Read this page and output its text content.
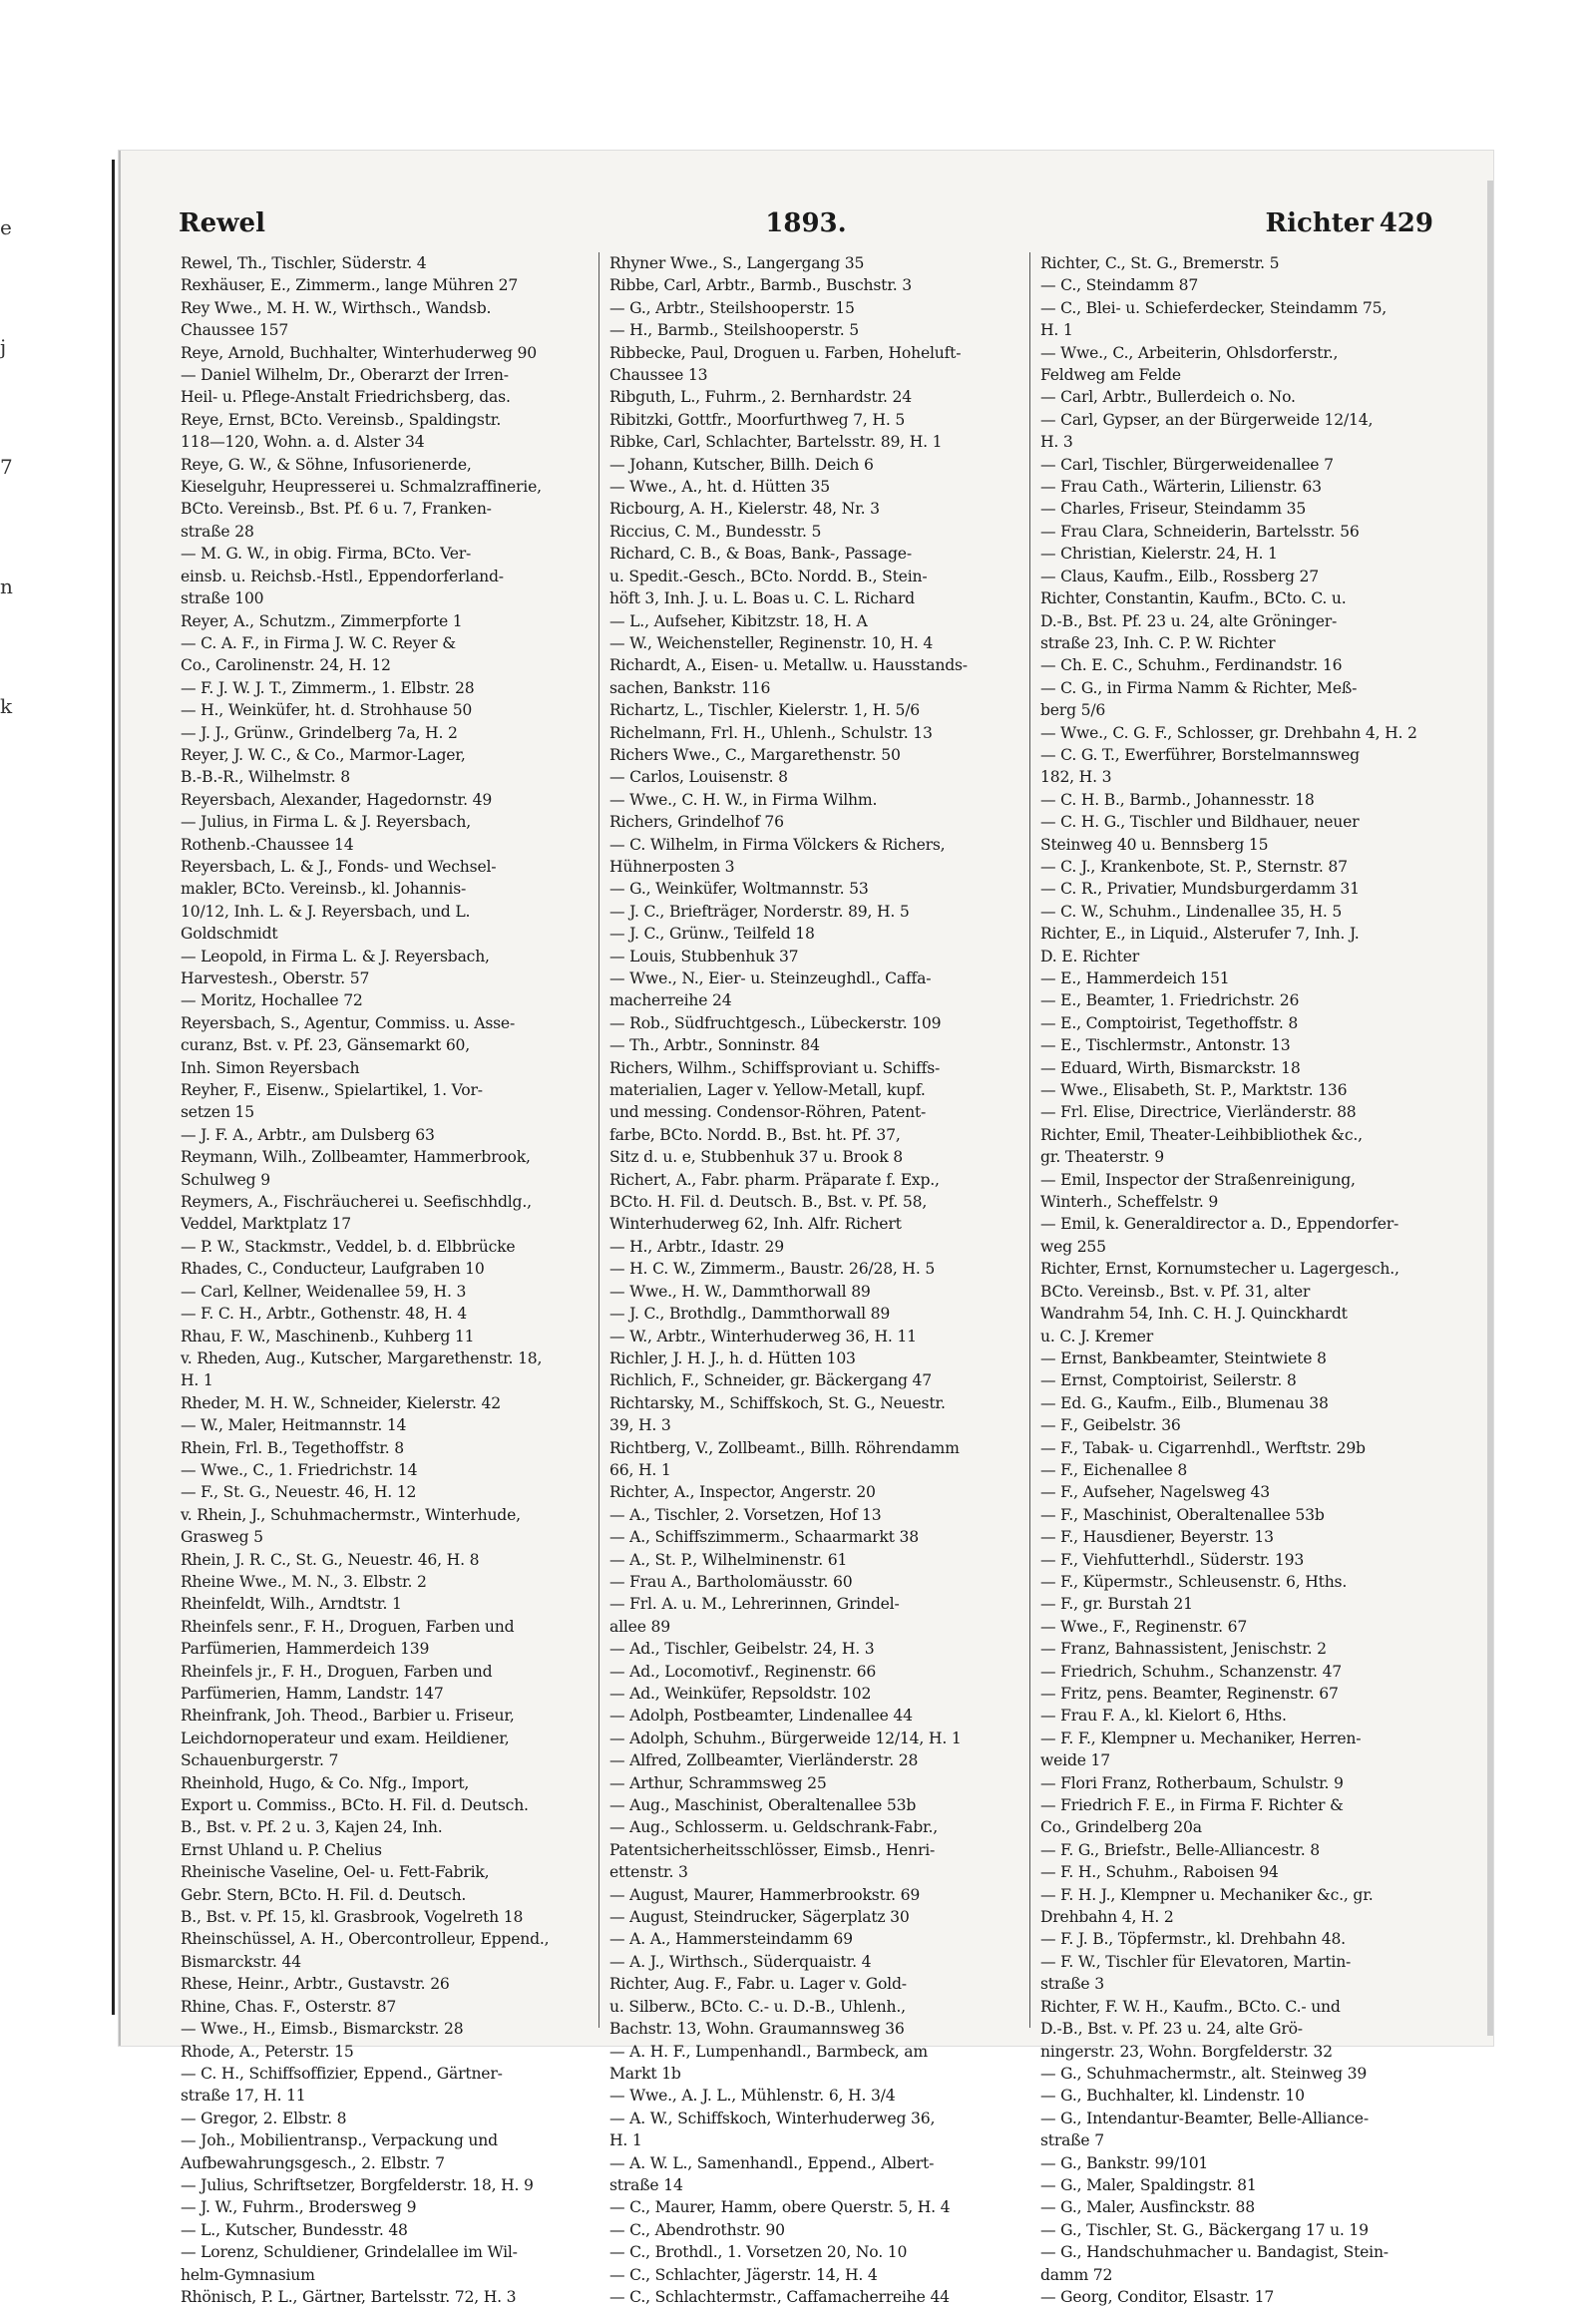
e
j
7
n
k
Rewel	1893.	Richter 429
Rewel, Th., Tischler, Süderstr. 4
Rexhäuser, E., Zimmerm., lange Mühren 27
Rey Wwe., M. H. W., Wirthsch., Wandsb.
Chaussee 157
Reye, Arnold, Buchhalter, Winterhuderweg 90
— Daniel Wilhelm, Dr., Oberarzt der Irren-
Heil- u. Pflege-Anstalt Friedrichsberg, das.
Reye, Ernst, BCto. Vereinsb., Spaldingstr.
118—120, Wohn. a. d. Alster 34
Reye, G. W., & Söhne, Infusorienerde,
Kieselguhr, Heupresserei u. Schmalzraffinerie,
BCto. Vereinsb., Bst. Pf. 6 u. 7, Franken-
straße 28
— M. G. W., in obig. Firma, BCto. Ver-
einsb. u. Reichsb.-Hstl., Eppendorferland-
straße 100
Reyer, A., Schutzm., Zimmerpforte 1
— C. A. F., in Firma J. W. C. Reyer &
Co., Carolinenstr. 24, H. 12
— F. J. W. J. T., Zimmerm., 1. Elbstr. 28
— H., Weinküfer, ht. d. Strohhause 50
— J. J., Grünw., Grindelberg 7a, H. 2
Reyer, J. W. C., & Co., Marmor-Lager,
B.-B.-R., Wilhelmstr. 8
Reyersbach, Alexander, Hagedornstr. 49
— Julius, in Firma L. & J. Reyersbach,
Rothenb.-Chaussee 14
Reyersbach, L. & J., Fonds- und Wechsel-
makler, BCto. Vereinsb., kl. Johannis-
10/12, Inh. L. & J. Reyersbach, und L.
Goldschmidt
— Leopold, in Firma L. & J. Reyersbach,
Harvestesh., Oberstr. 57
— Moritz, Hochallee 72
Reyersbach, S., Agentur, Commiss. u. Asse-
curanz, Bst. v. Pf. 23, Gänsemarkt 60,
Inh. Simon Reyersbach
Reyher, F., Eisenw., Spielartikel, 1. Vor-
setzen 15
— J. F. A., Arbtr., am Dulsberg 63
Reymann, Wilh., Zollbeamter, Hammerbrook,
Schulweg 9
Reymers, A., Fischräucherei u. Seefischhdlg.,
Veddel, Marktplatz 17
— P. W., Stackmstr., Veddel, b. d. Elbbrücke
Rhades, C., Conducteur, Laufgraben 10
— Carl, Kellner, Weidenallee 59, H. 3
— F. C. H., Arbtr., Gothenstr. 48, H. 4
Rhau, F. W., Maschinenb., Kuhberg 11
v. Rheden, Aug., Kutscher, Margarethenstr. 18,
H. 1
Rheder, M. H. W., Schneider, Kielerstr. 42
— W., Maler, Heitmannstr. 14
Rhein, Frl. B., Tegethoffstr. 8
— Wwe., C., 1. Friedrichstr. 14
— F., St. G., Neuestr. 46, H. 12
v. Rhein, J., Schuhmachermstr., Winterhude,
Grasweg 5
Rhein, J. R. C., St. G., Neuestr. 46, H. 8
Rheine Wwe., M. N., 3. Elbstr. 2
Rheinfeldt, Wilh., Arndtstr. 1
Rheinfels senr., F. H., Droguen, Farben und
Parfümerien, Hammerdeich 139
Rheinfels jr., F. H., Droguen, Farben und
Parfümerien, Hamm, Landstr. 147
Rheinfrank, Joh. Theod., Barbier u. Friseur,
Leichdornoperateur und exam. Heildiener,
Schauenburgerstr. 7
Rheinhold, Hugo, & Co. Nfg., Import,
Export u. Commiss., BCto. H. Fil. d. Deutsch.
B., Bst. v. Pf. 2 u. 3, Kajen 24, Inh.
Ernst Uhland u. P. Chelius
Rheinische Vaseline, Oel- u. Fett-Fabrik,
Gebr. Stern, BCto. H. Fil. d. Deutsch.
B., Bst. v. Pf. 15, kl. Grasbrook, Vogelreth 18
Rheinschüssel, A. H., Obercontrolleur, Eppend.,
Bismarckstr. 44
Rhese, Heinr., Arbtr., Gustavstr. 26
Rhine, Chas. F., Osterstr. 87
— Wwe., H., Eimsb., Bismarckstr. 28
Rhode, A., Peterstr. 15
— C. H., Schiffsoffizier, Eppend., Gärtner-
straße 17, H. 11
— Gregor, 2. Elbstr. 8
— Joh., Mobilientransp., Verpackung und
Aufbewahrungsgesch., 2. Elbstr. 7
— Julius, Schriftsetzer, Borgfelderstr. 18, H. 9
— J. W., Fuhrm., Brodersweg 9
— L., Kutscher, Bundesstr. 48
— Lorenz, Schuldiener, Grindelallee im Wil-
helm-Gymnasium
Rhönisch, P. L., Gärtner, Bartelsstr. 72, H. 3
Rhyner Wwe., S., Langergang 35
Ribbe, Carl, Arbtr., Barmb., Buschstr. 3
— G., Arbtr., Steilshooperstr. 15
— H., Barmb., Steilshooperstr. 5
Ribbecke, Paul, Droguen u. Farben, Hoheluft-
Chaussee 13
Ribguth, L., Fuhrm., 2. Bernhardstr. 24
Ribitzki, Gottfr., Moorfurthweg 7, H. 5
Ribke, Carl, Schlachter, Bartelsstr. 89, H. 1
— Johann, Kutscher, Billh. Deich 6
— Wwe., A., ht. d. Hütten 35
Ricbourg, A. H., Kielerstr. 48, Nr. 3
Riccius, C. M., Bundesstr. 5
Richard, C. B., & Boas, Bank-, Passage-
u. Spedit.-Gesch., BCto. Nordd. B., Stein-
höft 3, Inh. J. u. L. Boas u. C. L. Richard
— L., Aufseher, Kibitzstr. 18, H. A
— W., Weichensteller, Reginenstr. 10, H. 4
Richardt, A., Eisen- u. Metallw. u. Hausstands-
sachen, Bankstr. 116
Richartz, L., Tischler, Kielerstr. 1, H. 5/6
Richelmann, Frl. H., Uhlenh., Schulstr. 13
Richers Wwe., C., Margarethenstr. 50
— Carlos, Louisenstr. 8
— Wwe., C. H. W., in Firma Wilhm.
Richers, Grindelhof 76
— C. Wilhelm, in Firma Völckers & Richers,
Hühnerposten 3
— G., Weinküfer, Woltmannstr. 53
— J. C., Briefträger, Norderstr. 89, H. 5
— J. C., Grünw., Teilfeld 18
— Louis, Stubbenhuk 37
— Wwe., N., Eier- u. Steinzeughdl., Caffa-
macherreihe 24
— Rob., Südfruchtgesch., Lübeckerstr. 109
— Th., Arbtr., Sonninstr. 84
Richers, Wilhm., Schiffsproviant u. Schiffs-
materialien, Lager v. Yellow-Metall, kupf.
und messing. Condensor-Röhren, Patent-
farbe, BCto. Nordd. B., Bst. ht. Pf. 37,
Sitz d. u. e, Stubbenhuk 37 u. Brook 8
Richert, A., Fabr. pharm. Präparate f. Exp.,
BCto. H. Fil. d. Deutsch. B., Bst. v. Pf. 58,
Winterhuderweg 62, Inh. Alfr. Richert
— H., Arbtr., Idastr. 29
— H. C. W., Zimmerm., Baustr. 26/28, H. 5
— Wwe., H. W., Dammthorwall 89
— J. C., Brothdlg., Dammthorwall 89
— W., Arbtr., Winterhuderweg 36, H. 11
Richler, J. H. J., h. d. Hütten 103
Richlich, F., Schneider, gr. Bäckergang 47
Richtarsky, M., Schiffskoch, St. G., Neuestr.
39, H. 3
Richtberg, V., Zollbeamt., Billh. Röhrendamm
66, H. 1
Richter, A., Inspector, Angerstr. 20
— A., Tischler, 2. Vorsetzen, Hof 13
— A., Schiffszimmerm., Schaarmarkt 38
— A., St. P., Wilhelminenstr. 61
— Frau A., Bartholomäusstr. 60
— Frl. A. u. M., Lehrerinnen, Grindel-
allee 89
— Ad., Tischler, Geibelstr. 24, H. 3
— Ad., Locomotivf., Reginenstr. 66
— Ad., Weinküfer, Repsoldstr. 102
— Adolph, Postbeamter, Lindenallee 44
— Adolph, Schuhm., Bürgerweide 12/14, H. 1
— Alfred, Zollbeamter, Vierländerstr. 28
— Arthur, Schrammsweg 25
— Aug., Maschinist, Oberaltenallee 53b
— Aug., Schlosserm. u. Geldschrank-Fabr.,
Patentsicherheitsschlösser, Eimsb., Henri-
ettenstr. 3
— August, Maurer, Hammerbrookstr. 69
— August, Steindrucker, Sägerplatz 30
— A. A., Hammersteindamm 69
— A. J., Wirthsch., Süderquaistr. 4
Richter, Aug. F., Fabr. u. Lager v. Gold-
u. Silberw., BCto. C.- u. D.-B., Uhlenh.,
Bachstr. 13, Wohn. Graumannsweg 36
— A. H. F., Lumpenhandl., Barmbeck, am
Markt 1b
— Wwe., A. J. L., Mühlenstr. 6, H. 3/4
— A. W., Schiffskoch, Winterhuderweg 36,
H. 1
— A. W. L., Samenhandl., Eppend., Albert-
straße 14
— C., Maurer, Hamm, obere Querstr. 5, H. 4
— C., Abendrothstr. 90
— C., Brothdl., 1. Vorsetzen 20, No. 10
— C., Schlachter, Jägerstr. 14, H. 4
— C., Schlachtermstr., Caffamacherreihe 44
Richter, C., St. G., Bremerstr. 5
— C., Steindamm 87
— C., Blei- u. Schieferdecker, Steindamm 75,
H. 1
— Wwe., C., Arbeiterin, Ohlsdorferstr.,
Feldweg am Felde
— Carl, Arbtr., Bullerdeich o. No.
— Carl, Gypser, an der Bürgerweide 12/14,
H. 3
— Carl, Tischler, Bürgerweidenallee 7
— Frau Cath., Wärterin, Lilienstr. 63
— Charles, Friseur, Steindamm 35
— Frau Clara, Schneiderin, Bartelsstr. 56
— Christian, Kielerstr. 24, H. 1
— Claus, Kaufm., Eilb., Rossberg 27
Richter, Constantin, Kaufm., BCto. C. u.
D.-B., Bst. Pf. 23 u. 24, alte Gröninger-
straße 23, Inh. C. P. W. Richter
— Ch. E. C., Schuhm., Ferdinandstr. 16
— C. G., in Firma Namm & Richter, Meß-
berg 5/6
— Wwe., C. G. F., Schlosser, gr. Drehbahn 4, H. 2
— C. G. T., Ewerführer, Borstelmannsweg
182, H. 3
— C. H. B., Barmb., Johannesstr. 18
— C. H. G., Tischler und Bildhauer, neuer
Steinweg 40 u. Bennsberg 15
— C. J., Krankenbote, St. P., Sternstr. 87
— C. R., Privatier, Mundsburgerdamm 31
— C. W., Schuhm., Lindenallee 35, H. 5
Richter, E., in Liquid., Alsterufer 7, Inh. J.
D. E. Richter
— E., Hammerdeich 151
— E., Beamter, 1. Friedrichstr. 26
— E., Comptoirist, Tegethoffstr. 8
— E., Tischlermstr., Antonstr. 13
— Eduard, Wirth, Bismarckstr. 18
— Wwe., Elisabeth, St. P., Marktstr. 136
— Frl. Elise, Directrice, Vierländerstr. 88
Richter, Emil, Theater-Leihbibliothek &c.,
gr. Theaterstr. 9
— Emil, Inspector der Straßenreinigung,
Winterh., Scheffelstr. 9
— Emil, k. Generaldirector a. D., Eppendorfer-
weg 255
Richter, Ernst, Kornumstecher u. Lagergesch.,
BCto. Vereinsb., Bst. v. Pf. 31, alter
Wandrahm 54, Inh. C. H. J. Quinckhardt
u. C. J. Kremer
— Ernst, Bankbeamter, Steintwiete 8
— Ernst, Comptoirist, Seilerstr. 8
— Ed. G., Kaufm., Eilb., Blumenau 38
— F., Geibelstr. 36
— F., Tabak- u. Cigarrenhdl., Werftstr. 29b
— F., Eichenallee 8
— F., Aufseher, Nagelsweg 43
— F., Maschinist, Oberaltenallee 53b
— F., Hausdiener, Beyerstr. 13
— F., Viehfutterhdl., Süderstr. 193
— F., Küpermstr., Schleusenstr. 6, Hths.
— F., gr. Burstah 21
— Wwe., F., Reginenstr. 67
— Franz, Bahnassistent, Jenischstr. 2
— Friedrich, Schuhm., Schanzenstr. 47
— Fritz, pens. Beamter, Reginenstr. 67
— Frau F. A., kl. Kielort 6, Hths.
— F. F., Klempner u. Mechaniker, Herren-
weide 17
— Flori Franz, Rotherbaum, Schulstr. 9
— Friedrich F. E., in Firma F. Richter &
Co., Grindelberg 20a
— F. G., Briefstr., Belle-Alliancestr. 8
— F. H., Schuhm., Raboisen 94
— F. H. J., Klempner u. Mechaniker &c., gr.
Drehbahn 4, H. 2
— F. J. B., Töpfermstr., kl. Drehbahn 48.
— F. W., Tischler für Elevatoren, Martin-
straße 3
Richter, F. W. H., Kaufm., BCto. C.- und
D.-B., Bst. v. Pf. 23 u. 24, alte Grö-
ningerstr. 23, Wohn. Borgfelderstr. 32
— G., Schuhmachermstr., alt. Steinweg 39
— G., Buchhalter, kl. Lindenstr. 10
— G., Intendantur-Beamter, Belle-Alliance-
straße 7
— G., Bankstr. 99/101
— G., Maler, Spaldingstr. 81
— G., Maler, Ausfinckstr. 88
— G., Tischler, St. G., Bäckergang 17 u. 19
— G., Handschuhmacher u. Bandagist, Stein-
damm 72
— Georg, Conditor, Elsastr. 17
